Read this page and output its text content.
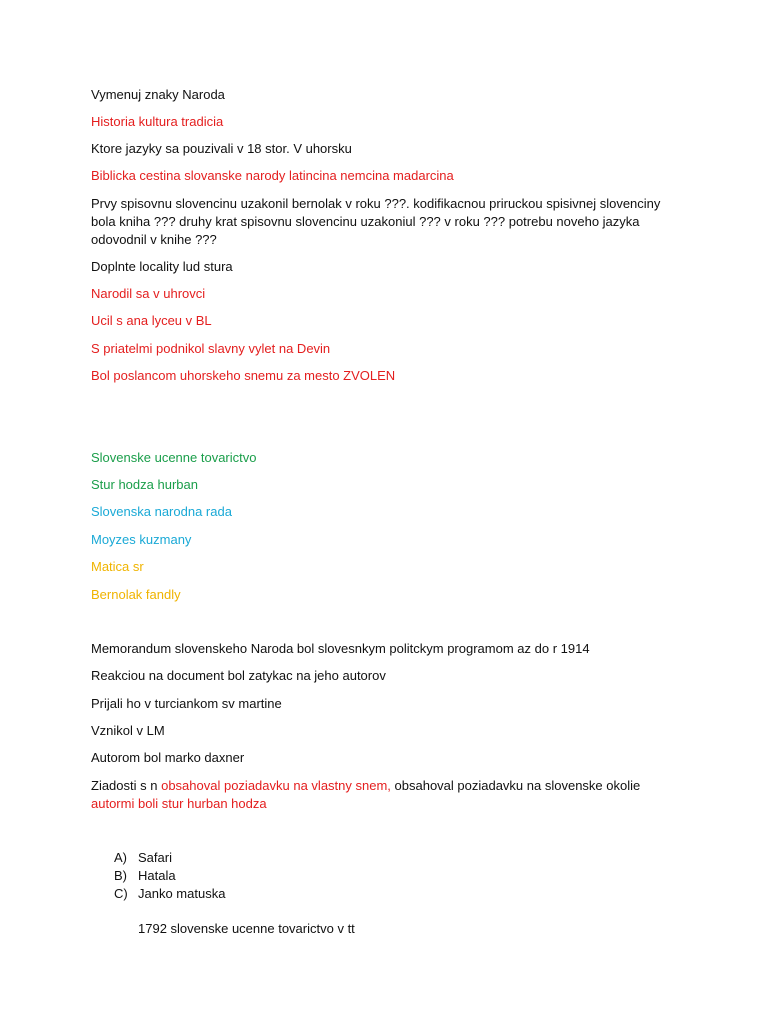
Vymenuj znaky Naroda
Historia kultura tradicia
Ktore jazyky sa pouzivali v 18 stor. V uhorsku
Biblicka cestina slovanske narody latincina nemcina madarcina
Prvy spisovnu slovencinu uzakonil bernolak v roku ???. kodifikacnou priruckou spisivnej slovenciny
bola kniha ??? druhy krat spisovnu slovencinu uzakoniul ??? v roku ??? potrebu noveho jazyka
odovodnil v knihe ???
Doplnte locality lud stura
Narodil sa v uhrovci
Ucil s ana lyceu v BL
S priatelmi podnikol slavny vylet na Devin
Bol poslancom uhorskeho snemu za mesto ZVOLEN
Slovenske ucenne tovarictvo
Stur hodza hurban
Slovenska narodna rada
Moyzes kuzmany
Matica sr
Bernolak fandly
Memorandum slovenskeho Naroda bol slovesnkym politckym programom az do r 1914
Reakciou na document bol zatykac na jeho autorov
Prijali ho v turciankom sv martine
Vznikol v LM
Autorom bol marko daxner
Ziadosti s n obsahoval poziadavku na vlastny snem, obsahoval poziadavku na slovenske okolie
autormi boli stur hurban hodza
A) Safari
B) Hatala
C) Janko matuska
1792 slovenske ucenne tovarictvo v tt
